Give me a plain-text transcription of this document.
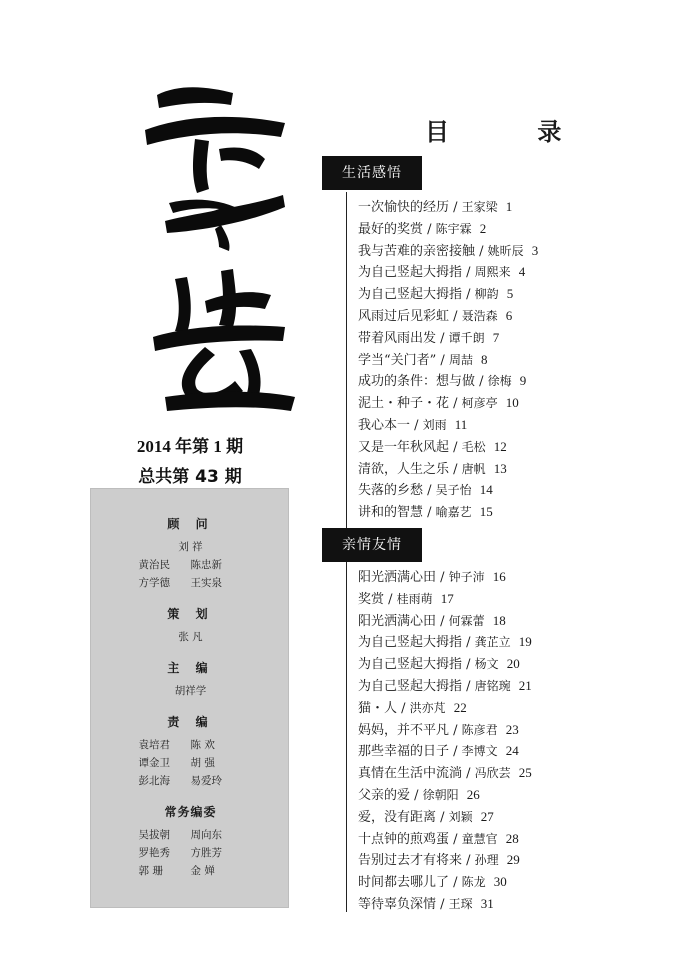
2014 年第 1 期
总共第 43 期
顾 问
刘 祥
黄治民 陈忠新
方学德 王实泉
策 划
张 凡
主 编
胡祥学
责 编
袁培君 陈 欢
谭金卫 胡 强
彭北海 易爱玲
常务编委
吴拔朝 周向东
罗艳秀 方胜芳
郭 珊	金 婵
目 录
生活感悟
一次愉快的经历 / 王家梁 1
最好的奖赏 / 陈宇霖 2
我与苦难的亲密接触 / 姚昕辰 3
为自己竖起大拇指 / 周熙来 4
为自己竖起大拇指 / 柳韵 5
风雨过后见彩虹 / 聂浩森 6
带着风雨出发 / 谭千朗 7
学当“关门者” / 周喆 8
成功的条件：想与做 / 徐梅 9
泥土・种子・花 / 柯彦亭 10
我心本一 / 刘雨 11
又是一年秋风起 / 毛松 12
清欲，人生之乐 / 唐帆 13
失落的乡愁 / 吴子怡 14
讲和的智慧 / 喻嘉艺 15
亲情友情
阳光洒满心田 / 钟子沛 16
奖赏 / 桂雨萌 17
阳光洒满心田 / 何霖蕾 18
为自己竖起大拇指 / 龚芷立 19
为自己竖起大拇指 / 杨文 20
为自己竖起大拇指 / 唐铭琬 21
猫・人 / 洪亦芃 22
妈妈，并不平凡 / 陈彦君 23
那些幸福的日子 / 李博文 24
真情在生活中流淌 / 冯欣芸 25
父亲的爱 / 徐朝阳 26
爱，没有距离 / 刘颖 27
十点钟的煎鸡蛋 / 童慧官 28
告别过去才有将来 / 孙理 29
时间都去哪儿了 / 陈龙 30
等待辜负深情 / 王琛 31
